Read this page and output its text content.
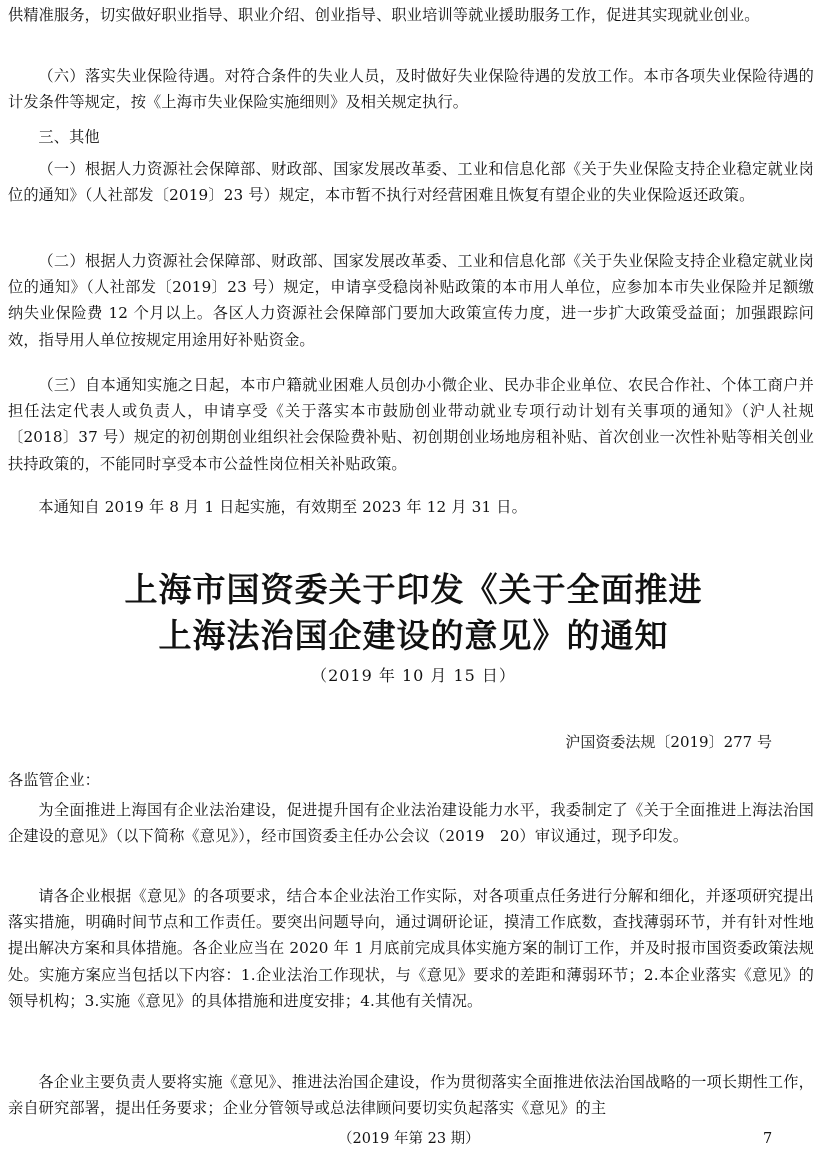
供精准服务，切实做好职业指导、职业介绍、创业指导、职业培训等就业援助服务工作，促进其实现就业创业。

（六）落实失业保险待遇。对符合条件的失业人员，及时做好失业保险待遇的发放工作。本市各项失业保险待遇的计发条件等规定，按《上海市失业保险实施细则》及相关规定执行。

三、其他

（一）根据人力资源社会保障部、财政部、国家发展改革委、工业和信息化部《关于失业保险支持企业稳定就业岗位的通知》（人社部发〔2019〕23 号）规定，本市暂不执行对经营困难且恢复有望企业的失业保险返还政策。

（二）根据人力资源社会保障部、财政部、国家发展改革委、工业和信息化部《关于失业保险支持企业稳定就业岗位的通知》（人社部发〔2019〕23 号）规定，申请享受稳岗补贴政策的本市用人单位，应参加本市失业保险并足额缴纳失业保险费 12 个月以上。各区人力资源社会保障部门要加大政策宣传力度，进一步扩大政策受益面；加强跟踪问效，指导用人单位按规定用途用好补贴资金。

（三）自本通知实施之日起，本市户籍就业困难人员创办小微企业、民办非企业单位、农民合作社、个体工商户并担任法定代表人或负责人，申请享受《关于落实本市鼓励创业带动就业专项行动计划有关事项的通知》（沪人社规〔2018〕37 号）规定的初创期创业组织社会保险费补贴、初创期创业场地房租补贴、首次创业一次性补贴等相关创业扶持政策的，不能同时享受本市公益性岗位相关补贴政策。

本通知自 2019 年 8 月 1 日起实施，有效期至 2023 年 12 月 31 日。

上海市国资委关于印发《关于全面推进
上海法治国企建设的意见》的通知
（2019 年 10 月 15 日）
沪国资委法规〔2019〕277 号

各监管企业：

为全面推进上海国有企业法治建设，促进提升国有企业法治建设能力水平，我委制定了《关于全面推进上海法治国企建设的意见》（以下简称《意见》），经市国资委主任办公会议（2019　20）审议通过，现予印发。

请各企业根据《意见》的各项要求，结合本企业法治工作实际，对各项重点任务进行分解和细化，并逐项研究提出落实措施，明确时间节点和工作责任。要突出问题导向，通过调研论证，摸清工作底数，查找薄弱环节，并有针对性地提出解决方案和具体措施。各企业应当在 2020 年 1 月底前完成具体实施方案的制订工作，并及时报市国资委政策法规处。实施方案应当包括以下内容：1.企业法治工作现状，与《意见》要求的差距和薄弱环节；2.本企业落实《意见》的领导机构；3.实施《意见》的具体措施和进度安排；4.其他有关情况。

各企业主要负责人要将实施《意见》、推进法治国企建设，作为贯彻落实全面推进依法治国战略的一项长期性工作，亲自研究部署，提出任务要求；企业分管领导或总法律顾问要切实负起落实《意见》的主

（2019 年第 23 期）	7
